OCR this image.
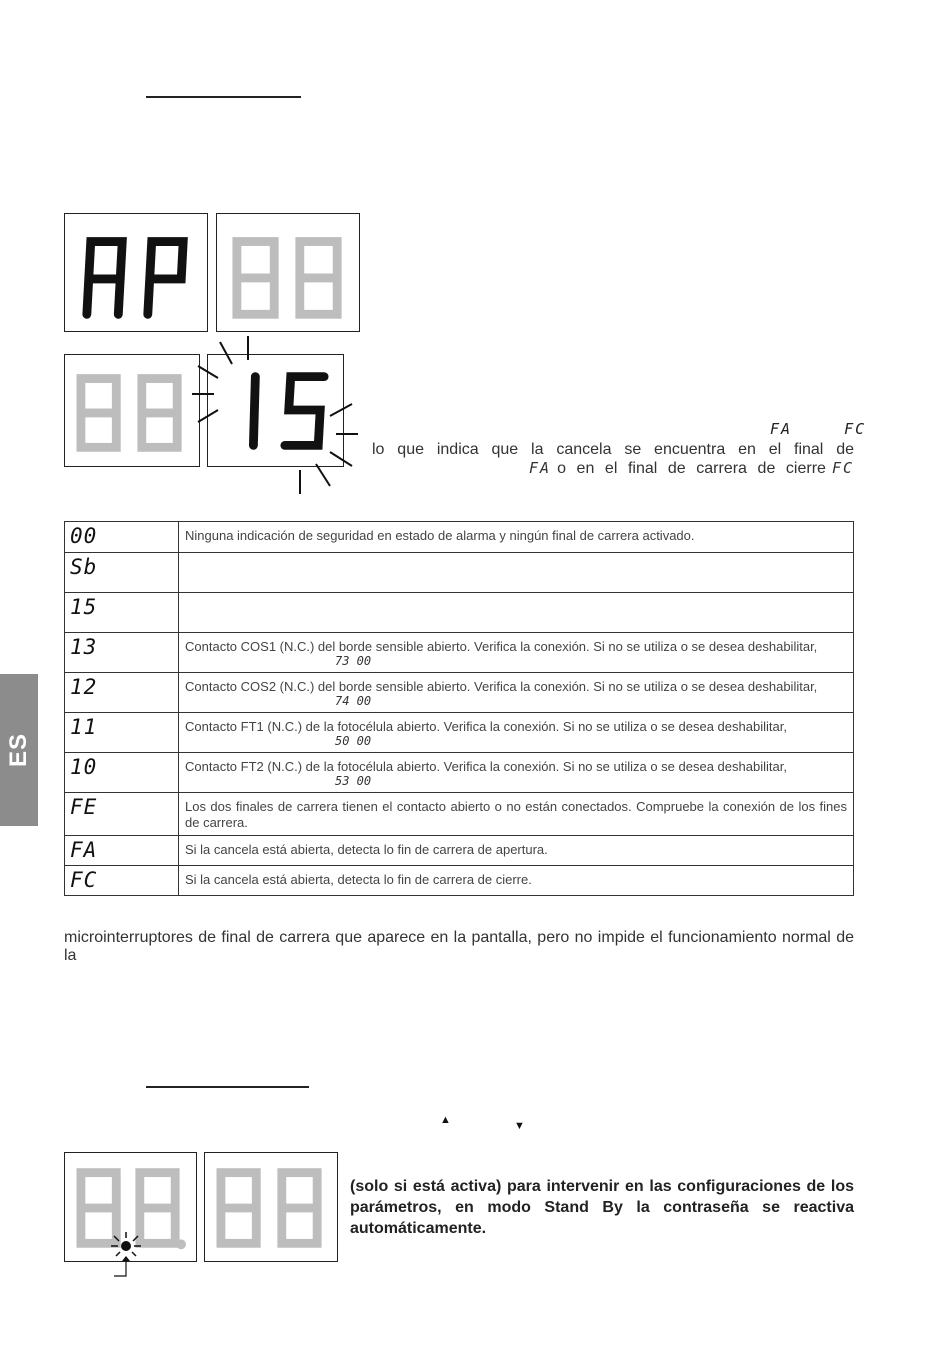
FA	FC
lo que indica que la cancela se encuentra en el final de
FA o en el final de carrera de cierre FC
00	Ninguna indicación de seguridad en estado de alarma y ningún final de carrera activado.
Sb	
15	
13	Contacto COS1 (N.C.) del borde sensible abierto. Verifica la conexión. Si no se utiliza o se desea deshabilitar,
73 00

12	Contacto COS2 (N.C.) del borde sensible abierto. Verifica la conexión. Si no se utiliza o se desea deshabilitar,
74 00

11	Contacto FT1 (N.C.) de la fotocélula abierto. Verifica la conexión. Si no se utiliza o se desea deshabilitar,
50 00

10	Contacto FT2 (N.C.) de la fotocélula abierto. Verifica la conexión. Si no se utiliza o se desea deshabilitar,
53 00

FE	Los dos finales de carrera tienen el contacto abierto o no están conectados. Compruebe la conexión de los fines de carrera.
FA	Si la cancela está abierta, detecta lo fin de carrera de apertura.
FC	Si la cancela está abierta, detecta lo fin de carrera de cierre.
ES
microinterruptores de final de carrera que aparece en la pantalla, pero no impide el funcionamiento normal de la
▲	▼
(solo si está activa) para intervenir en las configuraciones de los parámetros, en modo Stand By la contraseña se reactiva automáticamente.
